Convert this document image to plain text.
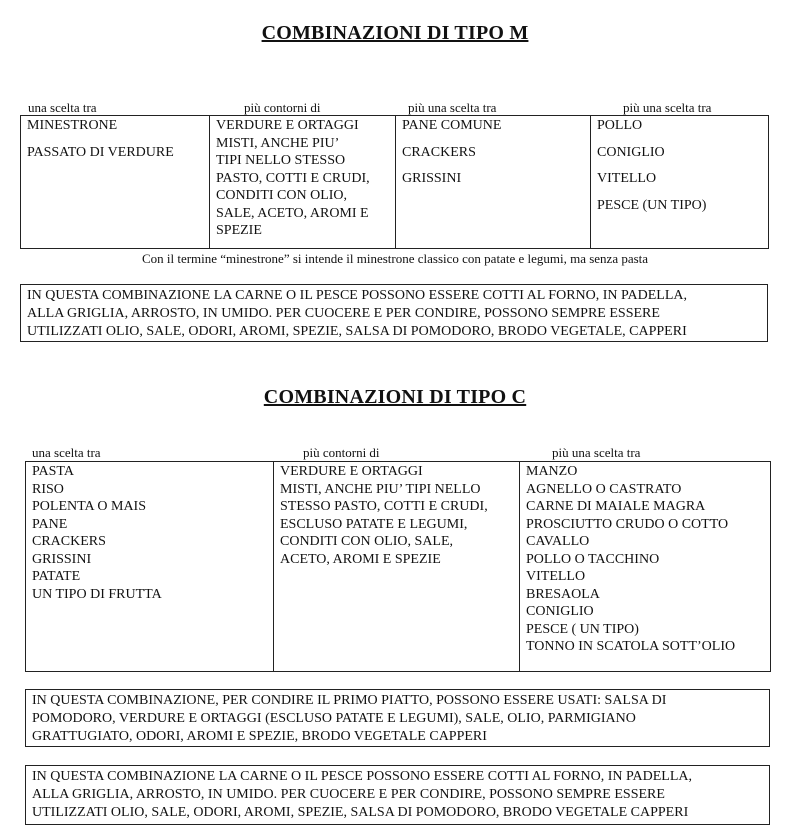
COMBINAZIONI DI TIPO M
una scelta tra	più contorni di	più una scelta tra	più una scelta tra
MINESTRONE
PASSATO DI VERDURE

VERDURE E ORTAGGI
MISTI, ANCHE PIU’
TIPI NELLO STESSO
PASTO, COTTI E CRUDI,
CONDITI CON OLIO,
SALE, ACETO, AROMI E
SPEZIE

PANE COMUNE
CRACKERS
GRISSINI

POLLO
CONIGLIO
VITELLO
PESCE (UN TIPO)
Con il termine “minestrone” si intende il minestrone classico con patate e legumi, ma senza pasta
IN QUESTA COMBINAZIONE LA CARNE O IL PESCE POSSONO ESSERE COTTI AL FORNO, IN PADELLA,
ALLA GRIGLIA, ARROSTO, IN UMIDO. PER CUOCERE E PER CONDIRE, POSSONO SEMPRE ESSERE
UTILIZZATI OLIO, SALE, ODORI, AROMI, SPEZIE, SALSA DI POMODORO, BRODO VEGETALE, CAPPERI
COMBINAZIONI DI TIPO C
una scelta tra	più contorni di	più una scelta tra
PASTA
RISO
POLENTA O MAIS
PANE
CRACKERS
GRISSINI
PATATE
UN TIPO DI FRUTTA

VERDURE E ORTAGGI
MISTI, ANCHE PIU’ TIPI NELLO
STESSO PASTO, COTTI E CRUDI,
ESCLUSO PATATE E LEGUMI,
CONDITI CON OLIO, SALE,
ACETO, AROMI E SPEZIE

MANZO
AGNELLO O CASTRATO
CARNE DI MAIALE MAGRA
PROSCIUTTO CRUDO O COTTO
CAVALLO
POLLO O TACCHINO
VITELLO
BRESAOLA
CONIGLIO
PESCE ( UN TIPO)
TONNO IN SCATOLA SOTT’OLIO
IN QUESTA COMBINAZIONE, PER CONDIRE IL PRIMO PIATTO, POSSONO ESSERE USATI: SALSA DI
POMODORO, VERDURE E ORTAGGI (ESCLUSO PATATE E LEGUMI), SALE, OLIO, PARMIGIANO
GRATTUGIATO, ODORI, AROMI E SPEZIE, BRODO VEGETALE CAPPERI
IN QUESTA COMBINAZIONE LA CARNE O IL PESCE POSSONO ESSERE COTTI AL FORNO, IN PADELLA,
ALLA GRIGLIA, ARROSTO, IN UMIDO. PER CUOCERE E PER CONDIRE, POSSONO SEMPRE ESSERE
UTILIZZATI OLIO, SALE, ODORI, AROMI, SPEZIE, SALSA DI POMODORO, BRODO VEGETALE CAPPERI
